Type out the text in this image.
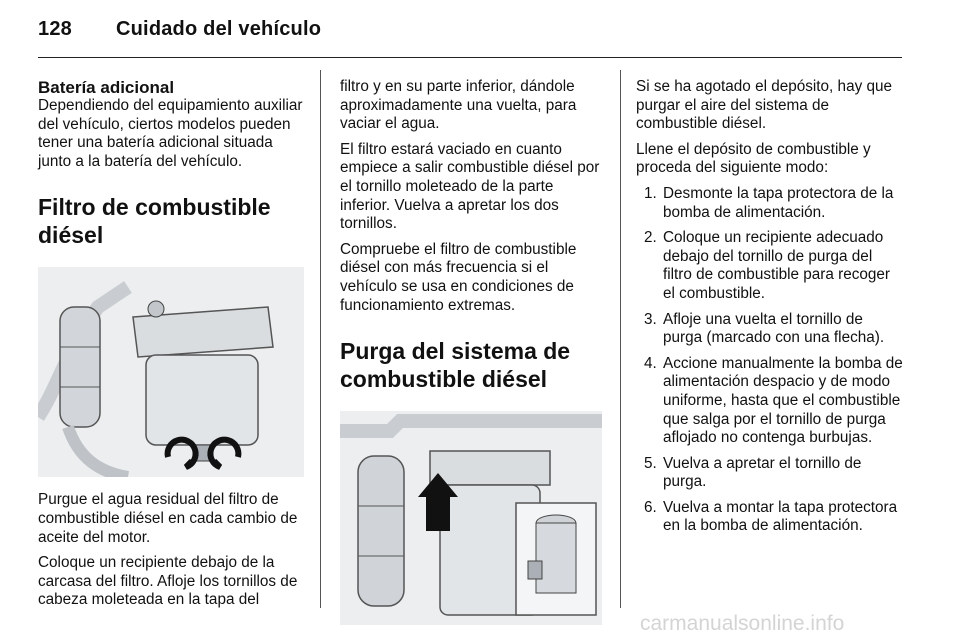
128 Cuidado del vehículo
Batería adicional

Dependiendo del equipamiento auxiliar del vehículo, ciertos modelos pueden tener una batería adicional situada junto a la batería del vehículo.

Filtro de combustible diésel

Purgue el agua residual del filtro de combustible diésel en cada cambio de aceite del motor.

Coloque un recipiente debajo de la carcasa del filtro. Afloje los tornillos de cabeza moleteada en la tapa del

filtro y en su parte inferior, dándole aproximadamente una vuelta, para vaciar el agua.

El filtro estará vaciado en cuanto empiece a salir combustible diésel por el tornillo moleteado de la parte inferior. Vuelva a apretar los dos tornillos.

Compruebe el filtro de combustible diésel con más frecuencia si el vehículo se usa en condiciones de funcionamiento extremas.

Purga del sistema de combustible diésel

Si se ha agotado el depósito, hay que purgar el aire del sistema de combustible diésel.

Llene el depósito de combustible y proceda del siguiente modo:

1. Desmonte la tapa protectora de la bomba de alimentación.
2. Coloque un recipiente adecuado debajo del tornillo de purga del filtro de combustible para recoger el combustible.
3. Afloje una vuelta el tornillo de purga (marcado con una flecha).
4. Accione manualmente la bomba de alimentación despacio y de modo uniforme, hasta que el combustible que salga por el tornillo de purga aflojado no contenga burbujas.
5. Vuelva a apretar el tornillo de purga.
6. Vuelva a montar la tapa protectora en la bomba de alimentación.
carmanualsonline.info
